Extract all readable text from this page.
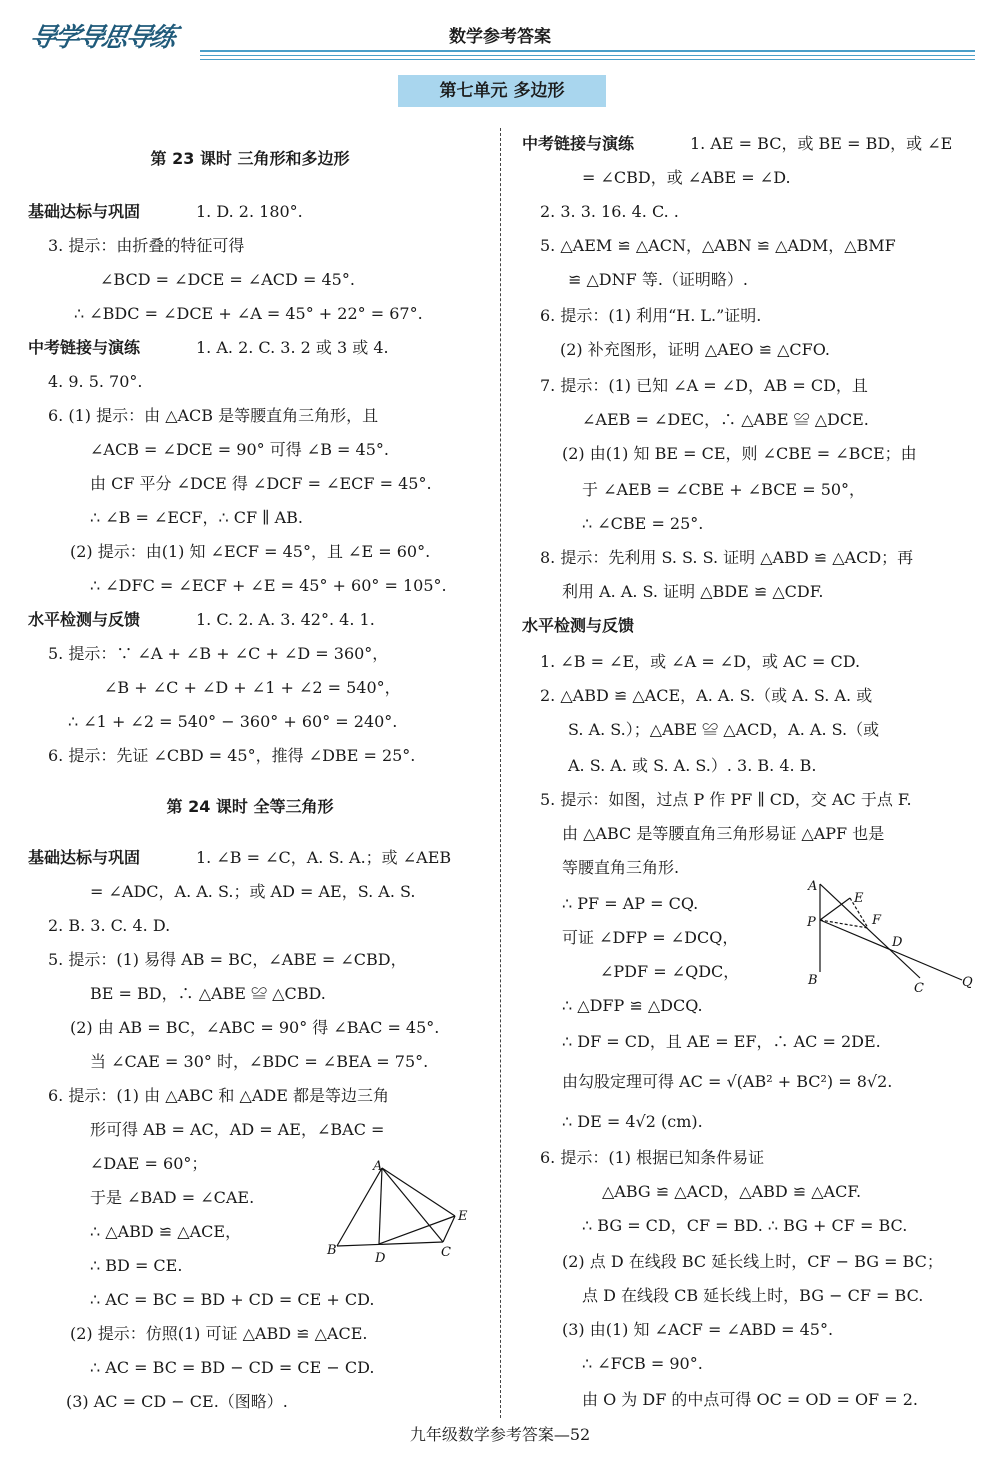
导学导思导练	数学参考答案
第七单元 多边形
第 23 课时 三角形和多边形
基础达标与巩固	1. D. 2. 180°.
3. 提示：由折叠的特征可得
∠BCD = ∠DCE = ∠ACD = 45°.
∴ ∠BDC = ∠DCE + ∠A = 45° + 22° = 67°.
中考链接与演练	1. A. 2. C. 3. 2 或 3 或 4.
4. 9. 5. 70°.
6. (1) 提示：由 △ACB 是等腰直角三角形，且
∠ACB = ∠DCE = 90° 可得 ∠B = 45°.
由 CF 平分 ∠DCE 得 ∠DCF = ∠ECF = 45°.
∴ ∠B = ∠ECF，∴ CF ∥ AB.
(2) 提示：由(1) 知 ∠ECF = 45°，且 ∠E = 60°.
∴ ∠DFC = ∠ECF + ∠E = 45° + 60° = 105°.
水平检测与反馈	1. C. 2. A. 3. 42°. 4. 1.
5. 提示：∵ ∠A + ∠B + ∠C + ∠D = 360°，
∠B + ∠C + ∠D + ∠1 + ∠2 = 540°，
∴ ∠1 + ∠2 = 540° − 360° + 60° = 240°.
6. 提示：先证 ∠CBD = 45°，推得 ∠DBE = 25°.
第 24 课时 全等三角形
基础达标与巩固	1. ∠B = ∠C，A. S. A.；或 ∠AEB
= ∠ADC，A. A. S.；或 AD = AE，S. A. S.
2. B. 3. C. 4. D.
5. 提示：(1) 易得 AB = BC，∠ABE = ∠CBD，
BE = BD，∴ △ABE ≌ △CBD.
(2) 由 AB = BC，∠ABC = 90° 得 ∠BAC = 45°.
当 ∠CAE = 30° 时，∠BDC = ∠BEA = 75°.
6. 提示：(1) 由 △ABC 和 △ADE 都是等边三角
形可得 AB = AC，AD = AE，∠BAC =
∠DAE = 60°；
于是 ∠BAD = ∠CAE.
∴ △ABD ≌ △ACE，
∴ BD = CE.
∴ AC = BC = BD + CD = CE + CD.
(2) 提示：仿照(1) 可证 △ABD ≌ △ACE.
∴ AC = BC = BD − CD = CE − CD.
(3) AC = CD − CE.（图略）.
A
B
D	C
E
中考链接与演练	1. AE = BC，或 BE = BD，或 ∠E
= ∠CBD，或 ∠ABE = ∠D.
2. 3. 3. 16. 4. C. .
5. △AEM ≌ △ACN，△ABN ≌ △ADM，△BMF
≌ △DNF 等.（证明略）.
6. 提示：(1) 利用“H. L.”证明.
(2) 补充图形，证明 △AEO ≌ △CFO.
7. 提示：(1) 已知 ∠A = ∠D，AB = CD，且
∠AEB = ∠DEC，∴ △ABE ≌ △DCE.
(2) 由(1) 知 BE = CE，则 ∠CBE = ∠BCE；由
于 ∠AEB = ∠CBE + ∠BCE = 50°，
∴ ∠CBE = 25°.
8. 提示：先利用 S. S. S. 证明 △ABD ≌ △ACD；再
利用 A. A. S. 证明 △BDE ≌ △CDF.
水平检测与反馈
1. ∠B = ∠E，或 ∠A = ∠D，或 AC = CD.
2. △ABD ≌ △ACE，A. A. S.（或 A. S. A. 或
S. A. S.）；△ABE ≌ △ACD，A. A. S.（或
A. S. A. 或 S. A. S.）. 3. B. 4. B.
5. 提示：如图，过点 P 作 PF ∥ CD，交 AC 于点 F.
由 △ABC 是等腰直角三角形易证 △APF 也是
等腰直角三角形.
∴ PF = AP = CQ.
可证 ∠DFP = ∠DCQ，
∠PDF = ∠QDC，
∴ △DFP ≌ △DCQ.
∴ DF = CD，且 AE = EF，∴ AC = 2DE.
由勾股定理可得 AC = √(AB² + BC²) = 8√2.
∴ DE = 4√2 (cm).
6. 提示：(1) 根据已知条件易证
△ABG ≌ △ACD，△ABD ≌ △ACF.
∴ BG = CD，CF = BD. ∴ BG + CF = BC.
(2) 点 D 在线段 BC 延长线上时，CF − BG = BC；
点 D 在线段 CB 延长线上时，BG − CF = BC.
(3) 由(1) 知 ∠ACF = ∠ABD = 45°.
∴ ∠FCB = 90°.
由 O 为 DF 的中点可得 OC = OD = OF = 2.
A
E
P	F
D
B
C	Q
九年级数学参考答案—52
